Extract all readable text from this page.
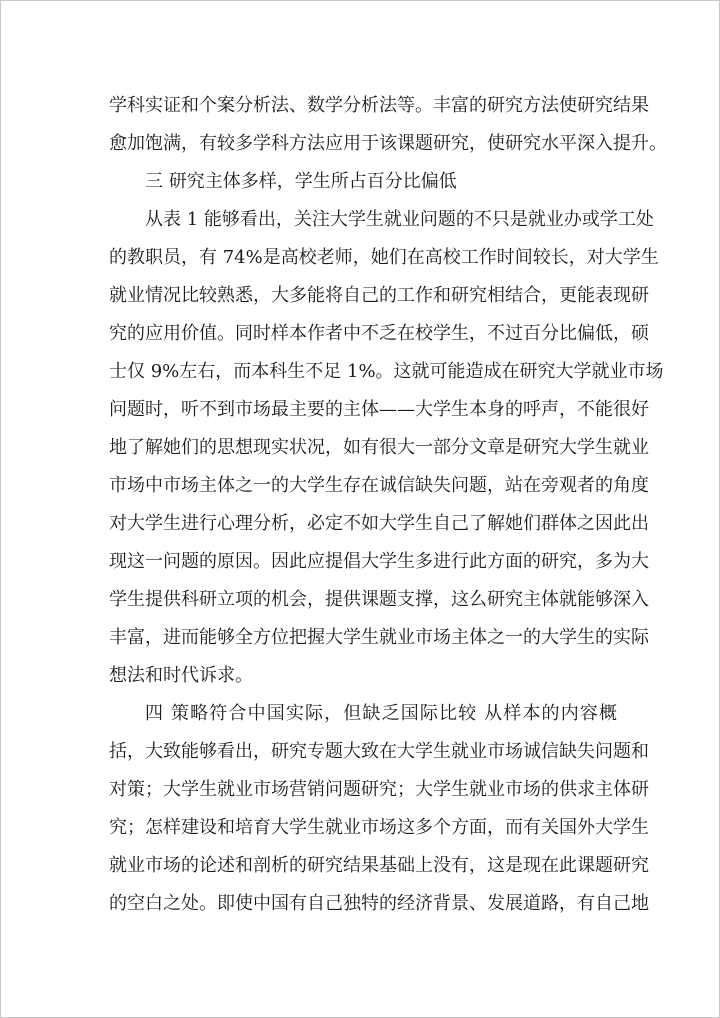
学科实证和个案分析法、数学分析法等。丰富的研究方法使研究结果
愈加饱满，有较多学科方法应用于该课题研究，使研究水平深入提升。
三 研究主体多样，学生所占百分比偏低
从表 1 能够看出，关注大学生就业问题的不只是就业办或学工处
的教职员，有 74%是高校老师，她们在高校工作时间较长，对大学生
就业情况比较熟悉，大多能将自己的工作和研究相结合，更能表现研
究的应用价值。同时样本作者中不乏在校学生，不过百分比偏低，硕
士仅 9%左右，而本科生不足 1%。这就可能造成在研究大学就业市场
问题时，听不到市场最主要的主体——大学生本身的呼声，不能很好
地了解她们的思想现实状况，如有很大一部分文章是研究大学生就业
市场中市场主体之一的大学生存在诚信缺失问题，站在旁观者的角度
对大学生进行心理分析，必定不如大学生自己了解她们群体之因此出
现这一问题的原因。因此应提倡大学生多进行此方面的研究，多为大
学生提供科研立项的机会，提供课题支撑，这么研究主体就能够深入
丰富，进而能够全方位把握大学生就业市场主体之一的大学生的实际
想法和时代诉求。
四 策略符合中国实际，但缺乏国际比较 从样本的内容概
括，大致能够看出，研究专题大致在大学生就业市场诚信缺失问题和
对策；大学生就业市场营销问题研究；大学生就业市场的供求主体研
究；怎样建设和培育大学生就业市场这多个方面，而有关国外大学生
就业市场的论述和剖析的研究结果基础上没有，这是现在此课题研究
的空白之处。即使中国有自己独特的经济背景、发展道路，有自己地
